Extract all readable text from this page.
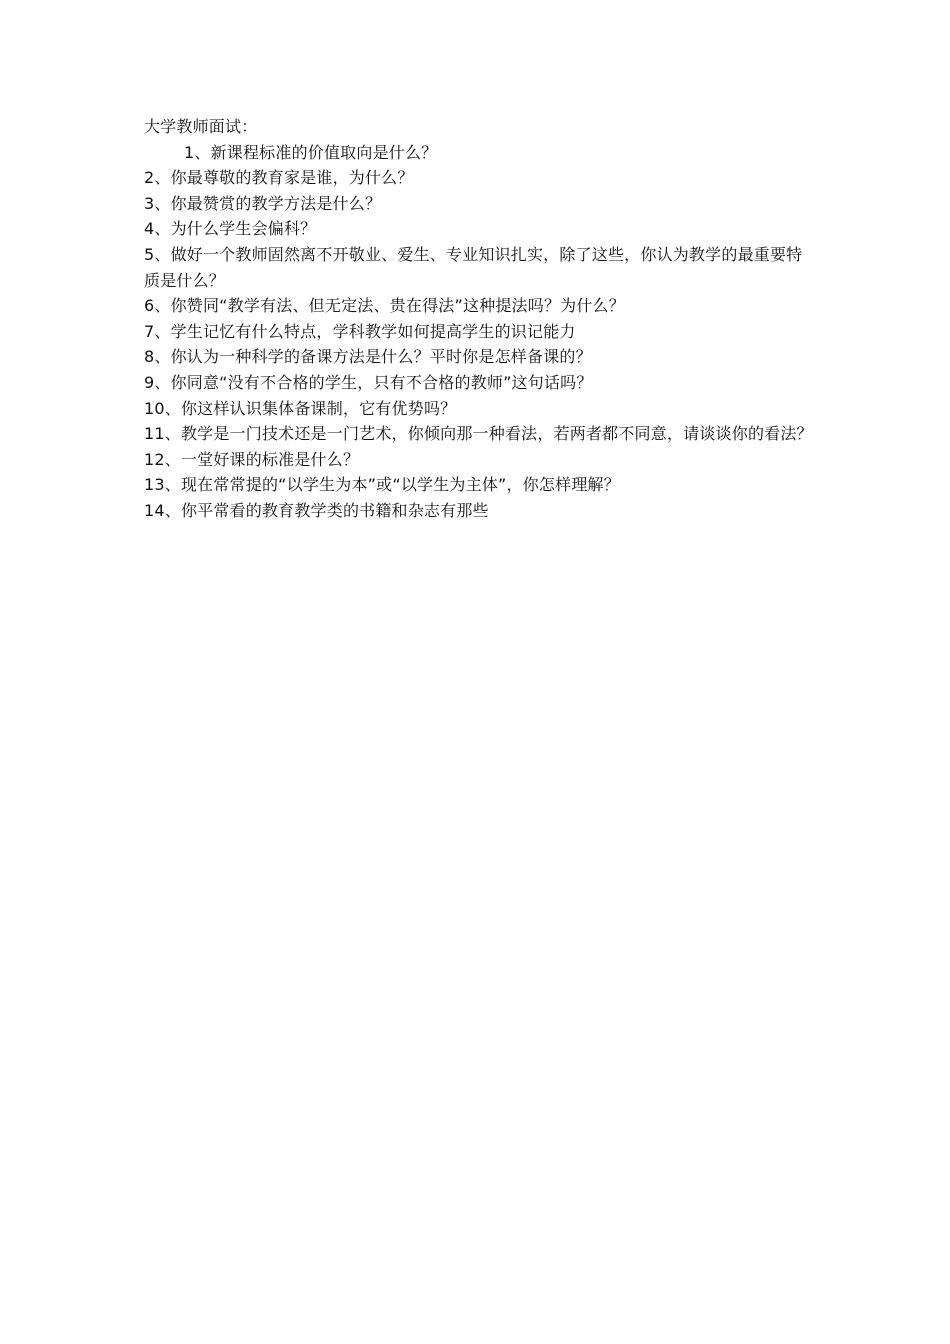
大学教师面试：

1、新课程标准的价值取向是什么？

2、你最尊敬的教育家是谁，为什么？

3、你最赞赏的教学方法是什么？

4、为什么学生会偏科？

5、做好一个教师固然离不开敬业、爱生、专业知识扎实，除了这些，你认为教学的最重要特质是什么？

6、你赞同“教学有法、但无定法、贵在得法”这种提法吗？为什么？

7、学生记忆有什么特点，学科教学如何提高学生的识记能力

8、你认为一种科学的备课方法是什么？平时你是怎样备课的？

9、你同意“没有不合格的学生，只有不合格的教师”这句话吗？

10、你这样认识集体备课制，它有优势吗？

11、教学是一门技术还是一门艺术，你倾向那一种看法，若两者都不同意，请谈谈你的看法？

12、一堂好课的标准是什么？

13、现在常常提的“以学生为本”或“以学生为主体”，你怎样理解？

14、你平常看的教育教学类的书籍和杂志有那些
